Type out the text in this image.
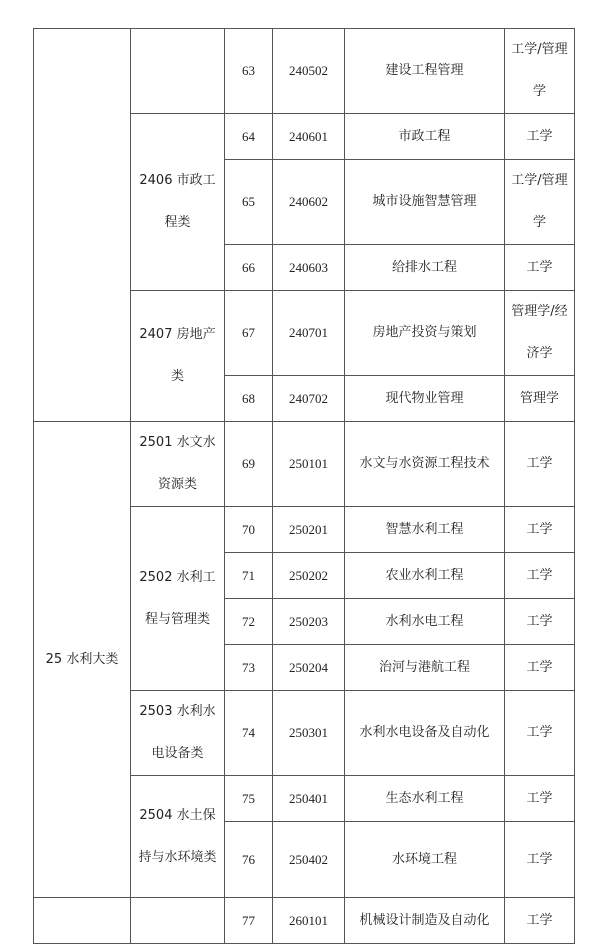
		63	240502	建设工程管理	工学/管理学
	2406 市政工程类	64	240601	市政工程	工学
		65	240602	城市设施智慧管理	工学/管理学
		66	240603	给排水工程	工学
	2407 房地产类	67	240701	房地产投资与策划	管理学/经济学
		68	240702	现代物业管理	管理学
25 水利大类	2501 水文水资源类	69	250101	水文与水资源工程技术	工学
	2502 水利工程与管理类	70	250201	智慧水利工程	工学
		71	250202	农业水利工程	工学
		72	250203	水利水电工程	工学
		73	250204	治河与港航工程	工学
	2503 水利水电设备类	74	250301	水利水电设备及自动化	工学
	2504 水土保持与水环境类	75	250401	生态水利工程	工学
		76	250402	水环境工程	工学
		77	260101	机械设计制造及自动化	工学
